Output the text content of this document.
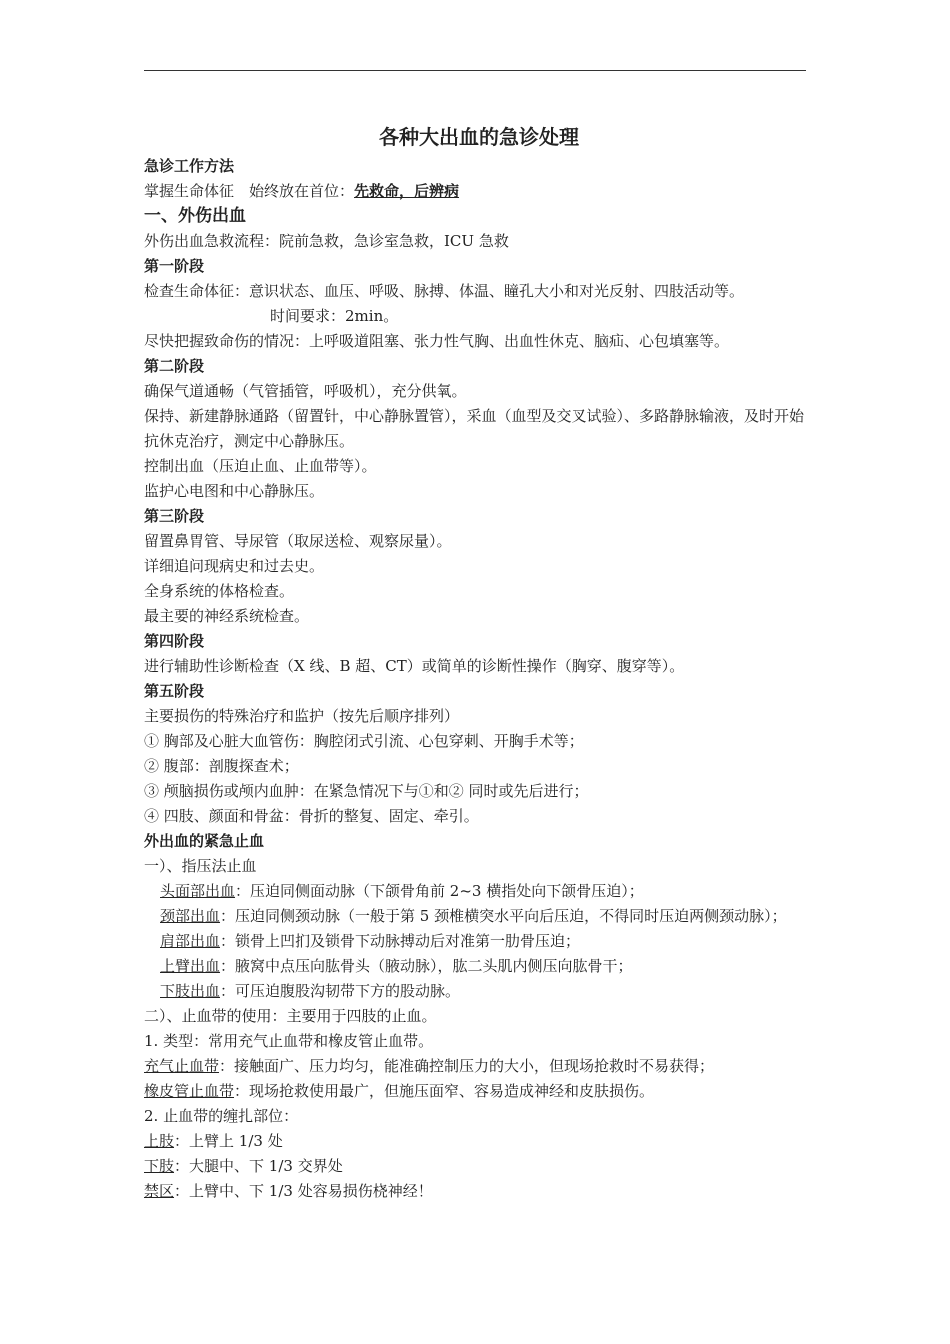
各种大出血的急诊处理
急诊工作方法
掌握生命体征　始终放在首位：先救命，后辨病
一、外伤出血
外伤出血急救流程：院前急救，急诊室急救，ICU 急救
第一阶段
检查生命体征：意识状态、血压、呼吸、脉搏、体温、瞳孔大小和对光反射、四肢活动等。
时间要求：2min。
尽快把握致命伤的情况：上呼吸道阻塞、张力性气胸、出血性休克、脑疝、心包填塞等。
第二阶段
确保气道通畅（气管插管，呼吸机），充分供氧。
保持、新建静脉通路（留置针，中心静脉置管），采血（血型及交叉试验）、多路静脉输液，及时开始抗休克治疗，测定中心静脉压。
控制出血（压迫止血、止血带等）。
监护心电图和中心静脉压。
第三阶段
留置鼻胃管、导尿管（取尿送检、观察尿量）。
详细追问现病史和过去史。
全身系统的体格检查。
最主要的神经系统检查。
第四阶段
进行辅助性诊断检查（X 线、B 超、CT）或简单的诊断性操作（胸穿、腹穿等）。
第五阶段
主要损伤的特殊治疗和监护（按先后顺序排列）
① 胸部及心脏大血管伤：胸腔闭式引流、心包穿刺、开胸手术等；
② 腹部：剖腹探查术；
③ 颅脑损伤或颅内血肿：在紧急情况下与①和② 同时或先后进行；
④ 四肢、颜面和骨盆：骨折的整复、固定、牵引。
外出血的紧急止血
一）、指压法止血
头面部出血：压迫同侧面动脉（下颌骨角前 2~3 横指处向下颌骨压迫）；
颈部出血：压迫同侧颈动脉（一般于第 5 颈椎横突水平向后压迫，不得同时压迫两侧颈动脉）；
肩部出血：锁骨上凹扪及锁骨下动脉搏动后对准第一肋骨压迫；
上臂出血：腋窝中点压向肱骨头（腋动脉），肱二头肌内侧压向肱骨干；
下肢出血：可压迫腹股沟韧带下方的股动脉。
二）、止血带的使用：主要用于四肢的止血。
1. 类型：常用充气止血带和橡皮管止血带。
充气止血带：接触面广、压力均匀，能准确控制压力的大小，但现场抢救时不易获得；
橡皮管止血带：现场抢救使用最广，但施压面窄、容易造成神经和皮肤损伤。
2. 止血带的缠扎部位：
上肢：上臂上 1/3 处
下肢：大腿中、下 1/3 交界处
禁区：上臂中、下 1/3 处容易损伤桡神经！
